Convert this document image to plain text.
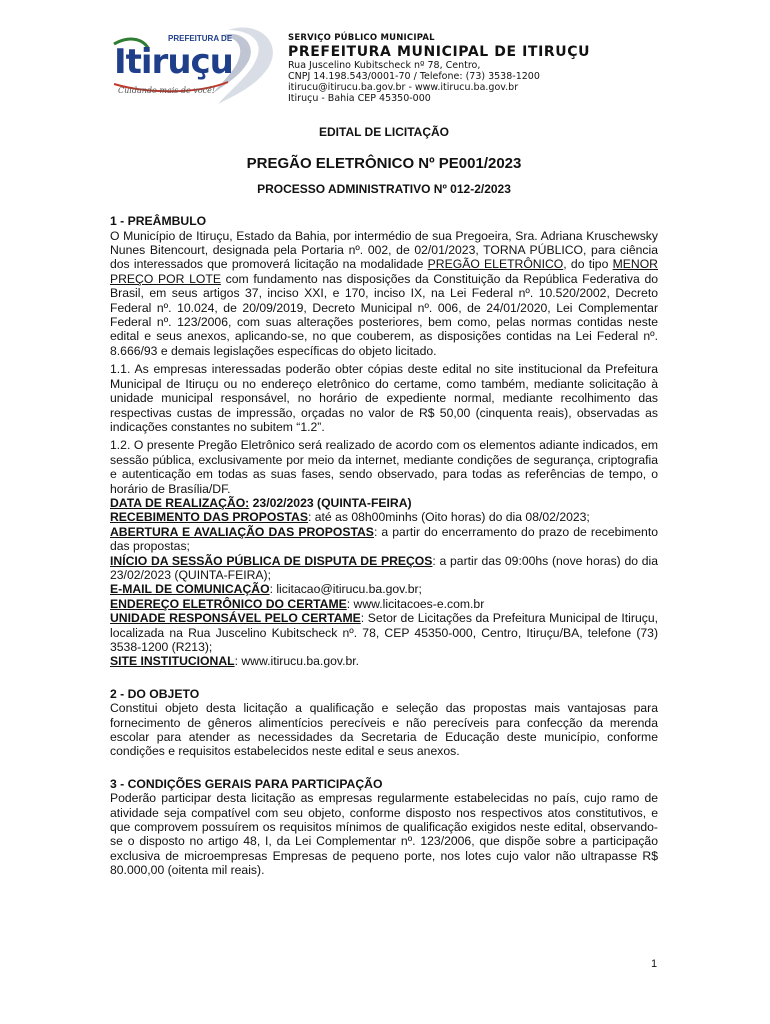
PREFEITURA DE
Itiruçu
Cuidando mais de você!
SERVIÇO PÚBLICO MUNICIPAL
PREFEITURA MUNICIPAL DE ITIRUÇU
Rua Juscelino Kubitscheck nº 78, Centro,
CNPJ 14.198.543/0001-70 / Telefone: (73) 3538-1200
itirucu@itirucu.ba.gov.br - www.itirucu.ba.gov.br
Itiruçu - Bahia CEP 45350-000
EDITAL DE LICITAÇÃO
PREGÃO ELETRÔNICO Nº PE001/2023
PROCESSO ADMINISTRATIVO Nº 012-2/2023
1 - PREÂMBULO

O Município de Itiruçu, Estado da Bahia, por intermédio de sua Pregoeira, Sra. Adriana Kruschewsky Nunes Bitencourt, designada pela Portaria nº. 002, de 02/01/2023, TORNA PÚBLICO, para ciência dos interessados que promoverá licitação na modalidade PREGÃO ELETRÔNICO, do tipo MENOR PREÇO POR LOTE com fundamento nas disposições da Constituição da República Federativa do Brasil, em seus artigos 37, inciso XXI, e 170, inciso IX, na Lei Federal nº. 10.520/2002, Decreto Federal nº. 10.024, de 20/09/2019, Decreto Municipal nº. 006, de 24/01/2020, Lei Complementar Federal nº. 123/2006, com suas alterações posteriores, bem como, pelas normas contidas neste edital e seus anexos, aplicando-se, no que couberem, as disposições contidas na Lei Federal nº. 8.666/93 e demais legislações específicas do objeto licitado.

1.1. As empresas interessadas poderão obter cópias deste edital no site institucional da Prefeitura Municipal de Itiruçu ou no endereço eletrônico do certame, como também, mediante solicitação à unidade municipal responsável, no horário de expediente normal, mediante recolhimento das respectivas custas de impressão, orçadas no valor de R$ 50,00 (cinquenta reais), observadas as indicações constantes no subitem “1.2”.

1.2. O presente Pregão Eletrônico será realizado de acordo com os elementos adiante indicados, em sessão pública, exclusivamente por meio da internet, mediante condições de segurança, criptografia e autenticação em todas as suas fases, sendo observado, para todas as referências de tempo, o horário de Brasília/DF.

DATA DE REALIZAÇÃO: 23/02/2023 (QUINTA-FEIRA)

RECEBIMENTO DAS PROPOSTAS: até as 08h00minhs (Oito horas) do dia 08/02/2023;

ABERTURA E AVALIAÇÃO DAS PROPOSTAS: a partir do encerramento do prazo de recebimento das propostas;

INÍCIO DA SESSÃO PÚBLICA DE DISPUTA DE PREÇOS: a partir das 09:00hs (nove horas) do dia 23/02/2023 (QUINTA-FEIRA);

E-MAIL DE COMUNICAÇÃO: licitacao@itirucu.ba.gov.br;

ENDEREÇO ELETRÔNICO DO CERTAME: www.licitacoes-e.com.br

UNIDADE RESPONSÁVEL PELO CERTAME: Setor de Licitações da Prefeitura Municipal de Itiruçu, localizada na Rua Juscelino Kubitscheck nº. 78, CEP 45350-000, Centro, Itiruçu/BA, telefone (73) 3538-1200 (R213);

SITE INSTITUCIONAL: www.itirucu.ba.gov.br.

2 - DO OBJETO

Constitui objeto desta licitação a qualificação e seleção das propostas mais vantajosas para fornecimento de gêneros alimentícios perecíveis e não perecíveis para confecção da merenda escolar para atender as necessidades da Secretaria de Educação deste município, conforme condições e requisitos estabelecidos neste edital e seus anexos.

3 - CONDIÇÕES GERAIS PARA PARTICIPAÇÃO

Poderão participar desta licitação as empresas regularmente estabelecidas no país, cujo ramo de atividade seja compatível com seu objeto, conforme disposto nos respectivos atos constitutivos, e que comprovem possuírem os requisitos mínimos de qualificação exigidos neste edital, observando-se o disposto no artigo 48, I, da Lei Complementar nº. 123/2006, que dispõe sobre a participação exclusiva de microempresas Empresas de pequeno porte, nos lotes cujo valor não ultrapasse R$ 80.000,00 (oitenta mil reais).

1
